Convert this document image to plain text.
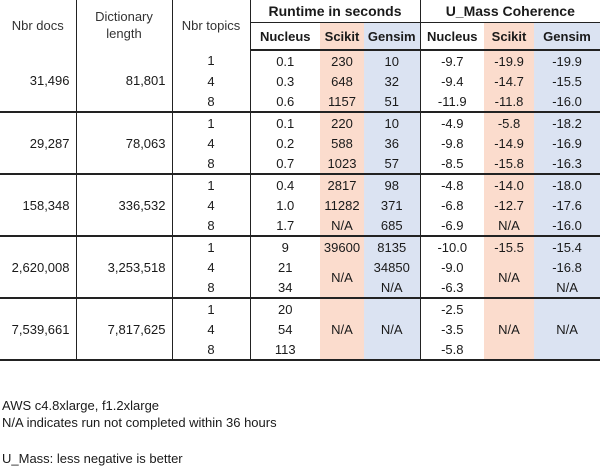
Nbr docs	Dictionary
length	Nbr topics	Runtime in seconds			U_Mass Coherence		
			Nucleus	Scikit	Gensim	Nucleus	Scikit	Gensim
31,496	81,801	1	0.1	230	10	-9.7	-19.9	-19.9
		4	0.3	648	32	-9.4	-14.7	-15.5
		8	0.6	1157	51	-11.9	-11.8	-16.0
29,287	78,063	1	0.1	220	10	-4.9	-5.8	-18.2
		4	0.2	588	36	-9.8	-14.9	-16.9
		8	0.7	1023	57	-8.5	-15.8	-16.3
158,348	336,532	1	0.4	2817	98	-4.8	-14.0	-18.0
		4	1.0	11282	371	-6.8	-12.7	-17.6
		8	1.7	N/A	685	-6.9	N/A	-16.0
2,620,008	3,253,518	1	9	39600	8135	-10.0	-15.5	-15.4
		4	21	N/A	34850	-9.0	N/A	-16.8
		8	34		N/A	-6.3		N/A
7,539,661	7,817,625	1	20	N/A	N/A	-2.5	N/A	N/A
		4	54			-3.5		
		8	113			-5.8		

AWS c4.8xlarge, f1.2xlarge
N/A indicates run not completed within 36 hours
U_Mass: less negative is better
